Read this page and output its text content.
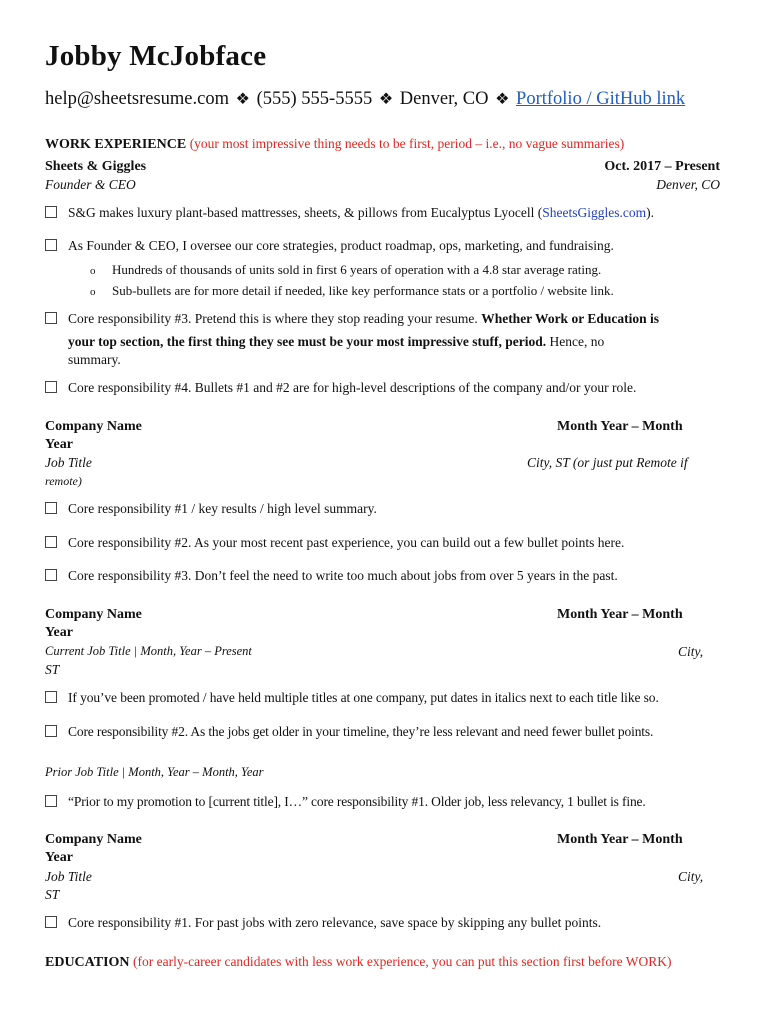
Jobby McJobface
help@sheetsresume.com ❖ (555) 555-5555 ❖ Denver, CO ❖ Portfolio / GitHub link
WORK EXPERIENCE (your most impressive thing needs to be first, period – i.e., no vague summaries)
Sheets & Giggles	Oct. 2017 – Present
Founder & CEO	Denver, CO
S&G makes luxury plant-based mattresses, sheets, & pillows from Eucalyptus Lyocell (SheetsGiggles.com).
As Founder & CEO, I oversee our core strategies, product roadmap, ops, marketing, and fundraising.
o Hundreds of thousands of units sold in first 6 years of operation with a 4.8 star average rating.
o Sub-bullets are for more detail if needed, like key performance stats or a portfolio / website link.
Core responsibility #3. Pretend this is where they stop reading your resume. Whether Work or Education is
your top section, the first thing they see must be your most impressive stuff, period. Hence, no
summary.
Core responsibility #4. Bullets #1 and #2 are for high-level descriptions of the company and/or your role.
Company Name	Month Year – Month
Year
Job Title	City, ST (or just put Remote if
remote)
Core responsibility #1 / key results / high level summary.
Core responsibility #2. As your most recent past experience, you can build out a few bullet points here.
Core responsibility #3. Don’t feel the need to write too much about jobs from over 5 years in the past.
Company Name	Month Year – Month
Year
Current Job Title | Month, Year – Present	City,
ST
If you’ve been promoted / have held multiple titles at one company, put dates in italics next to each title like so.
Core responsibility #2. As the jobs get older in your timeline, they’re less relevant and need fewer bullet points.
Prior Job Title | Month, Year – Month, Year
“Prior to my promotion to [current title], I…” core responsibility #1. Older job, less relevancy, 1 bullet is fine.
Company Name	Month Year – Month
Year
Job Title	City,
ST
Core responsibility #1. For past jobs with zero relevance, save space by skipping any bullet points.
EDUCATION (for early-career candidates with less work experience, you can put this section first before WORK)
